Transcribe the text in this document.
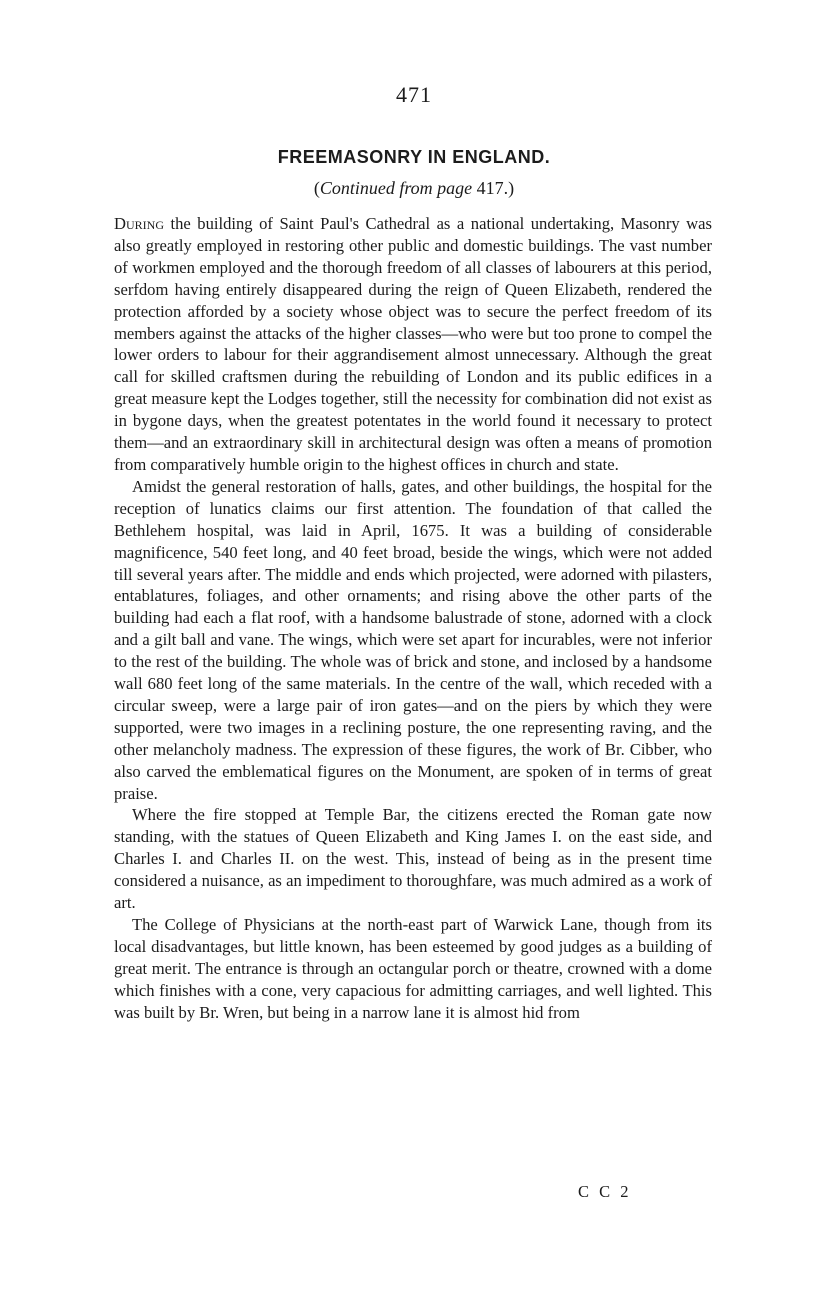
471
FREEMASONRY IN ENGLAND.
(Continued from page 417.)

During the building of Saint Paul's Cathedral as a national undertaking, Masonry was also greatly employed in restoring other public and domestic buildings. The vast number of workmen employed and the thorough freedom of all classes of labourers at this period, serfdom having entirely disappeared during the reign of Queen Elizabeth, rendered the protection afforded by a society whose object was to secure the perfect freedom of its members against the attacks of the higher classes—who were but too prone to compel the lower orders to labour for their aggrandisement almost unnecessary. Although the great call for skilled craftsmen during the rebuilding of London and its public edifices in a great measure kept the Lodges together, still the necessity for combination did not exist as in bygone days, when the greatest potentates in the world found it necessary to protect them—and an extraordinary skill in architectural design was often a means of promotion from comparatively humble origin to the highest offices in church and state.

Amidst the general restoration of halls, gates, and other buildings, the hospital for the reception of lunatics claims our first attention. The foundation of that called the Bethlehem hospital, was laid in April, 1675. It was a building of considerable magnificence, 540 feet long, and 40 feet broad, beside the wings, which were not added till several years after. The middle and ends which projected, were adorned with pilasters, entablatures, foliages, and other ornaments; and rising above the other parts of the building had each a flat roof, with a handsome balustrade of stone, adorned with a clock and a gilt ball and vane. The wings, which were set apart for incurables, were not inferior to the rest of the building. The whole was of brick and stone, and inclosed by a handsome wall 680 feet long of the same materials. In the centre of the wall, which receded with a circular sweep, were a large pair of iron gates—and on the piers by which they were supported, were two images in a reclining posture, the one representing raving, and the other melancholy madness. The expression of these figures, the work of Br. Cibber, who also carved the emblematical figures on the Monument, are spoken of in terms of great praise.

Where the fire stopped at Temple Bar, the citizens erected the Roman gate now standing, with the statues of Queen Elizabeth and King James I. on the east side, and Charles I. and Charles II. on the west. This, instead of being as in the present time considered a nuisance, as an impediment to thoroughfare, was much admired as a work of art.

The College of Physicians at the north-east part of Warwick Lane, though from its local disadvantages, but little known, has been esteemed by good judges as a building of great merit. The entrance is through an octangular porch or theatre, crowned with a dome which finishes with a cone, very capacious for admitting carriages, and well lighted. This was built by Br. Wren, but being in a narrow lane it is almost hid from

C C 2
